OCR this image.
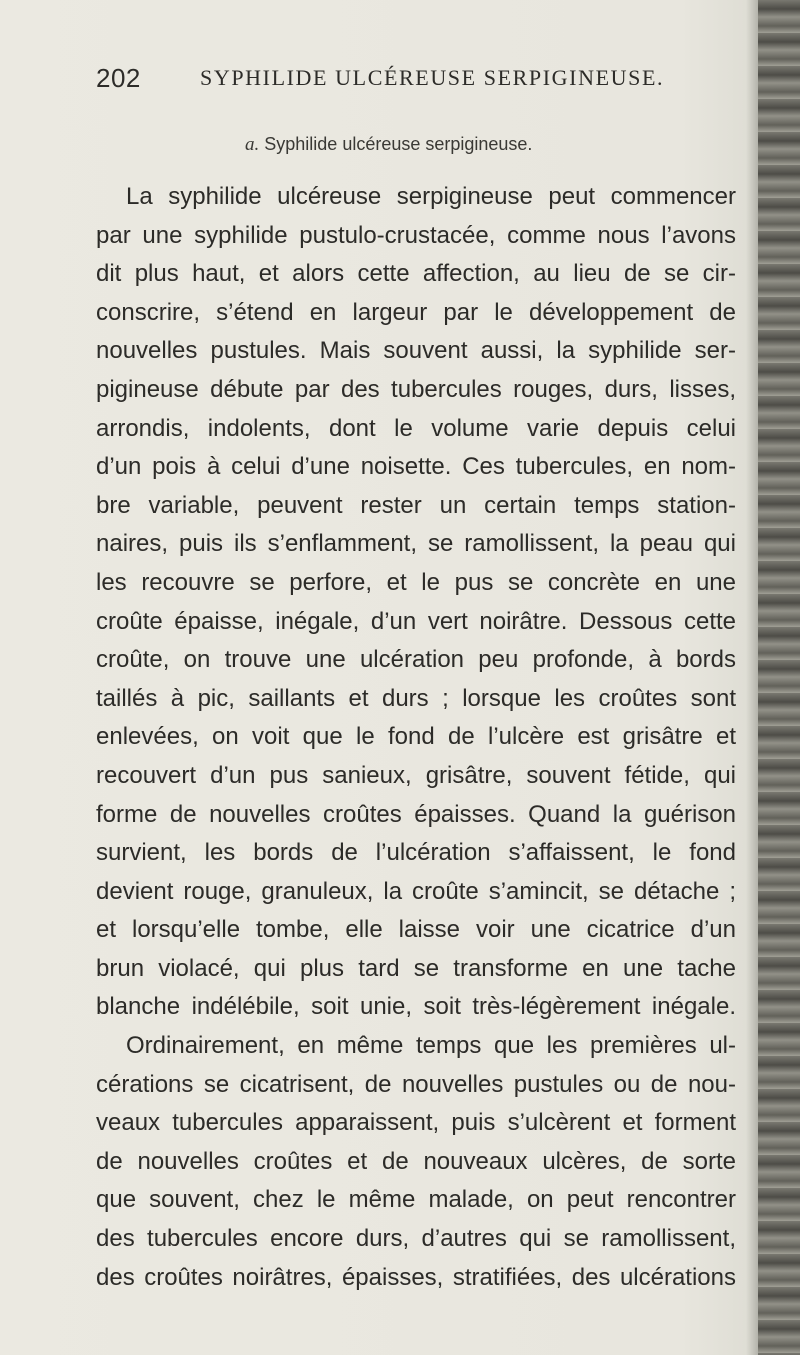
202	SYPHILIDE ULCÉREUSE SERPIGINEUSE.
a. Syphilide ulcéreuse serpigineuse.
La syphilide ulcéreuse serpigineuse peut commencer
par une syphilide pustulo-crustacée, comme nous l’avons
dit plus haut, et alors cette affection, au lieu de se cir-
conscrire, s’étend en largeur par le développement de
nouvelles pustules. Mais souvent aussi, la syphilide ser-
pigineuse débute par des tubercules rouges, durs, lisses,
arrondis, indolents, dont le volume varie depuis celui
d’un pois à celui d’une noisette. Ces tubercules, en nom-
bre variable, peuvent rester un certain temps station-
naires, puis ils s’enflamment, se ramollissent, la peau qui
les recouvre se perfore, et le pus se concrète en une
croûte épaisse, inégale, d’un vert noirâtre. Dessous cette
croûte, on trouve une ulcération peu profonde, à bords
taillés à pic, saillants et durs ; lorsque les croûtes sont
enlevées, on voit que le fond de l’ulcère est grisâtre et
recouvert d’un pus sanieux, grisâtre, souvent fétide, qui
forme de nouvelles croûtes épaisses. Quand la guérison
survient, les bords de l’ulcération s’affaissent, le fond
devient rouge, granuleux, la croûte s’amincit, se détache ;
et lorsqu’elle tombe, elle laisse voir une cicatrice d’un
brun violacé, qui plus tard se transforme en une tache
blanche indélébile, soit unie, soit très-légèrement inégale.
Ordinairement, en même temps que les premières ul-
cérations se cicatrisent, de nouvelles pustules ou de nou-
veaux tubercules apparaissent, puis s’ulcèrent et forment
de nouvelles croûtes et de nouveaux ulcères, de sorte
que souvent, chez le même malade, on peut rencontrer
des tubercules encore durs, d’autres qui se ramollissent,
des croûtes noirâtres, épaisses, stratifiées, des ulcérations
